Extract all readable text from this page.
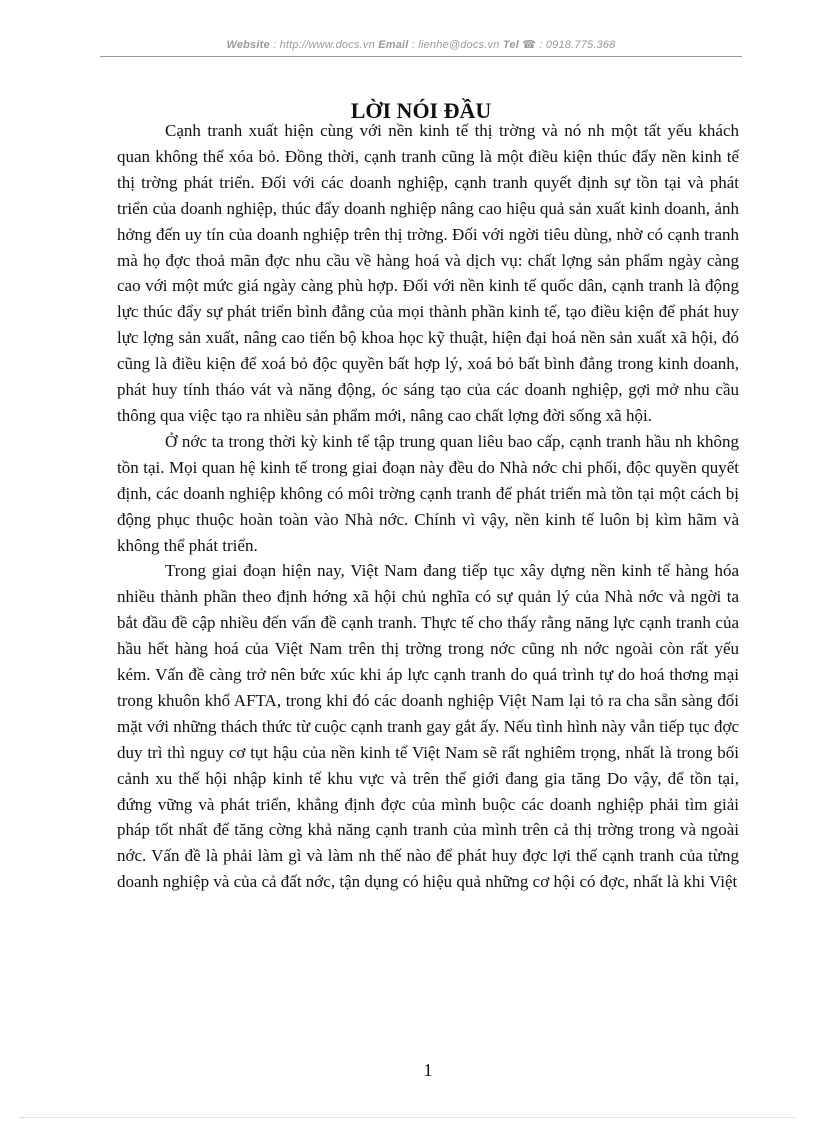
Website : http://www.docs.vn Email : lienhe@docs.vn Tel ☎ : 0918.775.368
LỜI NÓI ĐẦU

Cạnh tranh xuất hiện cùng với nền kinh tế thị trờng và nó nh một tất yếu khách quan không thể xóa bỏ. Đồng thời, cạnh tranh cũng là một điều kiện thúc đẩy nền kinh tế thị trờng phát triển. Đối với các doanh nghiệp, cạnh tranh quyết định sự tồn tại và phát triển của doanh nghiệp, thúc đẩy doanh nghiệp nâng cao hiệu quả sản xuất kinh doanh, ảnh hởng đến uy tín của doanh nghiệp trên thị trờng. Đối với ngời tiêu dùng, nhờ có cạnh tranh mà họ đợc thoả mãn đợc nhu cầu về hàng hoá và dịch vụ: chất lợng sản phẩm ngày càng cao với một mức giá ngày càng phù hợp. Đối với nền kinh tế quốc dân, cạnh tranh là động lực thúc đẩy sự phát triển bình đẳng của mọi thành phần kinh tế, tạo điều kiện để phát huy lực lợng sản xuất, nâng cao tiến bộ khoa học kỹ thuật, hiện đại hoá nền sản xuất xã hội, đó cũng là điều kiện để xoá bỏ độc quyền bất hợp lý, xoá bỏ bất bình đẳng trong kinh doanh, phát huy tính tháo vát và năng động, óc sáng tạo của các doanh nghiệp, gợi mở nhu cầu thông qua việc tạo ra nhiều sản phẩm mới, nâng cao chất lợng đời sống xã hội.

Ở nớc ta trong thời kỳ kinh tế tập trung quan liêu bao cấp, cạnh tranh hầu nh không tồn tại. Mọi quan hệ kinh tế trong giai đoạn này đều do Nhà nớc chi phối, độc quyền quyết định, các doanh nghiệp không có môi trờng cạnh tranh để phát triển mà tồn tại một cách bị động phục thuộc hoàn toàn vào Nhà nớc. Chính vì vậy, nền kinh tế luôn bị kìm hãm và không thể phát triển.

Trong giai đoạn hiện nay, Việt Nam đang tiếp tục xây dựng nền kinh tế hàng hóa nhiều thành phần theo định hớng xã hội chủ nghĩa có sự quản lý của Nhà nớc và ngời ta bắt đầu đề cập nhiều đến vấn đề cạnh tranh. Thực tế cho thấy rằng năng lực cạnh tranh của hầu hết hàng hoá của Việt Nam trên thị trờng trong nớc cũng nh nớc ngoài còn rất yếu kém. Vấn đề càng trở nên bức xúc khi áp lực cạnh tranh do quá trình tự do hoá thơng mại trong khuôn khổ AFTA, trong khi đó các doanh nghiệp Việt Nam lại tỏ ra cha sẵn sàng đối mặt với những thách thức từ cuộc cạnh tranh gay gắt ấy. Nếu tình hình này vẫn tiếp tục đợc duy trì thì nguy cơ tụt hậu của nền kinh tế Việt Nam sẽ rất nghiêm trọng, nhất là trong bối cảnh xu thế hội nhập kinh tế khu vực và trên thế giới đang gia tăng Do vậy, để tồn tại, đứng vững và phát triển, khẳng định đợc của mình buộc các doanh nghiệp phải tìm giải pháp tốt nhất để tăng cờng khả năng cạnh tranh của mình trên cả thị trờng trong và ngoài nớc. Vấn đề là phải làm gì và làm nh thế nào để phát huy đợc lợi thế cạnh tranh của từng doanh nghiệp và của cả đất nớc, tận dụng có hiệu quả những cơ hội có đợc, nhất là khi Việt

1
